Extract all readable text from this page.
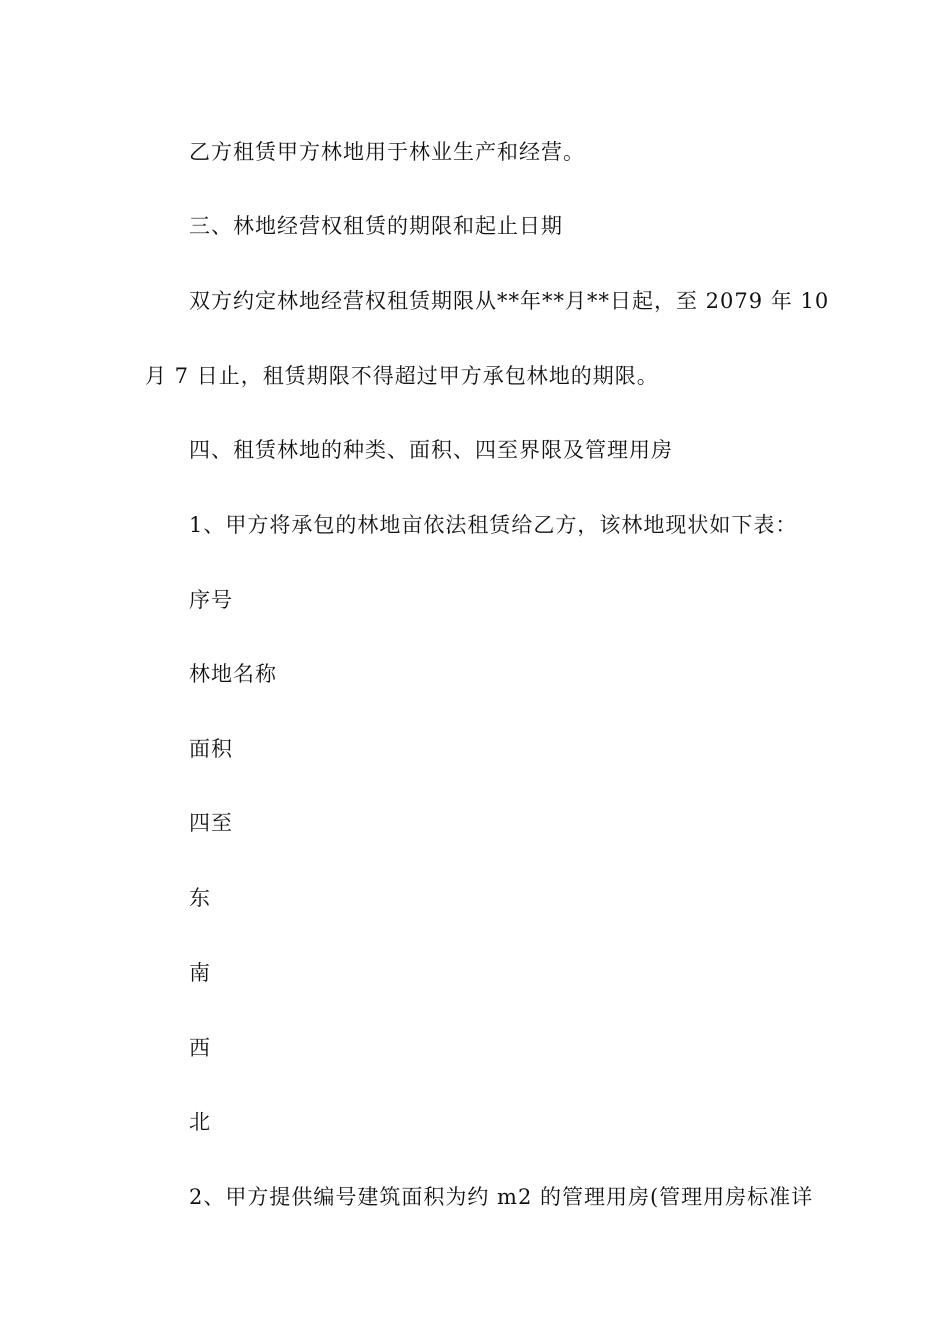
乙方租赁甲方林地用于林业生产和经营。
三、林地经营权租赁的期限和起止日期
双方约定林地经营权租赁期限从**年**月**日起，至 2079 年 10
月 7 日止，租赁期限不得超过甲方承包林地的期限。
四、租赁林地的种类、面积、四至界限及管理用房
1、甲方将承包的林地亩依法租赁给乙方，该林地现状如下表：
序号
林地名称
面积
四至
东
南
西
北
2、甲方提供编号建筑面积为约 m2 的管理用房(管理用房标准详
